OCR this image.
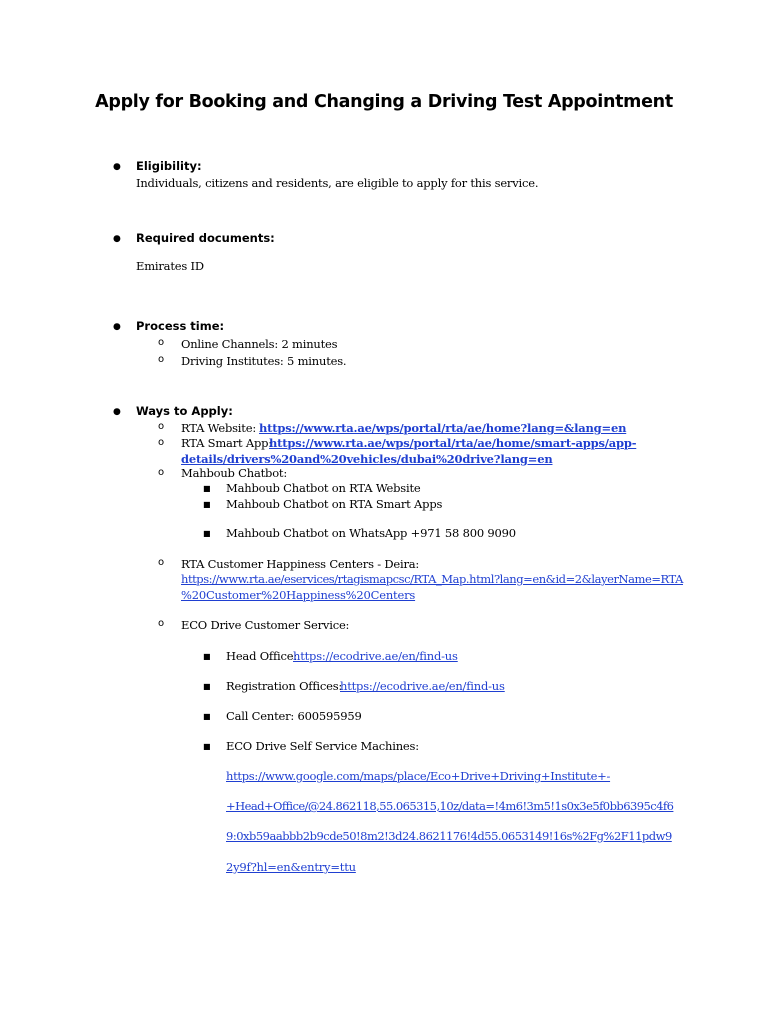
Apply for Booking and Changing a Driving Test Appointment
● Eligibility:
Individuals, citizens and residents, are eligible to apply for this service.
● Required documents:
Emirates ID
● Process time:
o Online Channels: 2 minutes
o Driving Institutes: 5 minutes.
● Ways to Apply:
o RTA Website: https://www.rta.ae/wps/portal/rta/ae/home?lang=&lang=en
o RTA Smart App:
https://www.rta.ae/wps/portal/rta/ae/home/smart-apps/app-
details/drivers%20and%20vehicles/dubai%20drive?lang=en
o Mahboub Chatbot:
■ Mahboub Chatbot on RTA Website
■ Mahboub Chatbot on RTA Smart Apps
■ Mahboub Chatbot on WhatsApp +971 58 800 9090
o RTA Customer Happiness Centers - Deira:
https://www.rta.ae/eservices/rtagismapcsc/RTA_Map.html?lang=en&id=2&layerName=RTA
%20Customer%20Happiness%20Centers
o ECO Drive Customer Service:
■ Head Office:
https://ecodrive.ae/en/find-us
■ Registration Offices:
https://ecodrive.ae/en/find-us
■ Call Center: 600595959
■ ECO Drive Self Service Machines:
https://www.google.com/maps/place/Eco+Drive+Driving+Institute+-
+Head+Office/@24.862118,55.065315,10z/data=!4m6!3m5!1s0x3e5f0bb6395c4f6
9:0xb59aabbb2b9cde50!8m2!3d24.8621176!4d55.0653149!16s%2Fg%2F11pdw9
2y9f?hl=en&entry=ttu
